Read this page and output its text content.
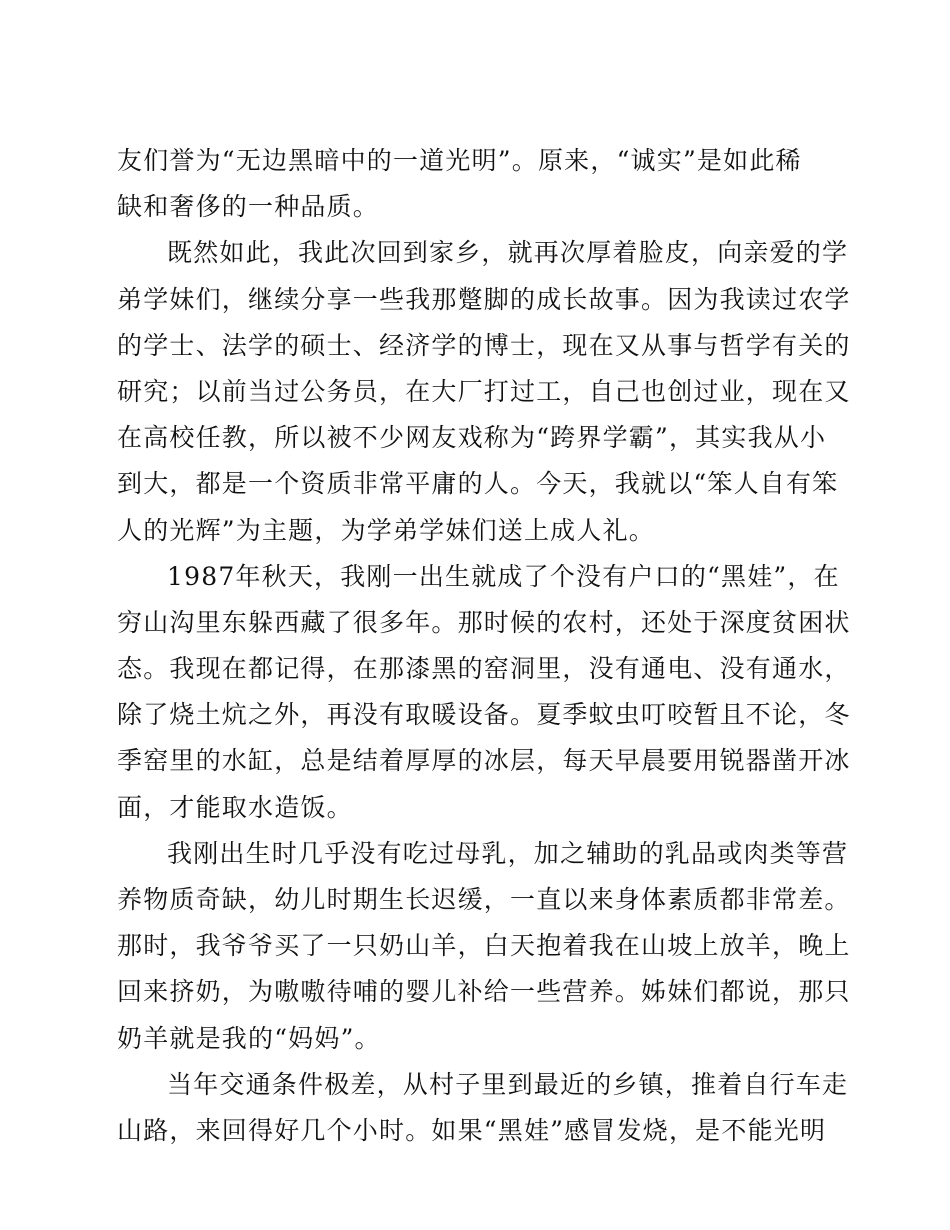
友们誉为“无边黑暗中的一道光明”。原来，“诚实”是如此稀
缺和奢侈的一种品质。
既然如此，我此次回到家乡，就再次厚着脸皮，向亲爱的学
弟学妹们，继续分享一些我那蹩脚的成长故事。因为我读过农学
的学士、法学的硕士、经济学的博士，现在又从事与哲学有关的
研究；以前当过公务员，在大厂打过工，自己也创过业，现在又
在高校任教，所以被不少网友戏称为“跨界学霸”，其实我从小
到大，都是一个资质非常平庸的人。今天，我就以“笨人自有笨
人的光辉”为主题，为学弟学妹们送上成人礼。
1987年秋天，我刚一出生就成了个没有户口的“黑娃”，在
穷山沟里东躲西藏了很多年。那时候的农村，还处于深度贫困状
态。我现在都记得，在那漆黑的窑洞里，没有通电、没有通水，
除了烧土炕之外，再没有取暖设备。夏季蚊虫叮咬暂且不论，冬
季窑里的水缸，总是结着厚厚的冰层，每天早晨要用锐器凿开冰
面，才能取水造饭。
我刚出生时几乎没有吃过母乳，加之辅助的乳品或肉类等营
养物质奇缺，幼儿时期生长迟缓，一直以来身体素质都非常差。
那时，我爷爷买了一只奶山羊，白天抱着我在山坡上放羊，晚上
回来挤奶，为嗷嗷待哺的婴儿补给一些营养。姊妹们都说，那只
奶羊就是我的“妈妈”。
当年交通条件极差，从村子里到最近的乡镇，推着自行车走
山路，来回得好几个小时。如果“黑娃”感冒发烧，是不能光明
